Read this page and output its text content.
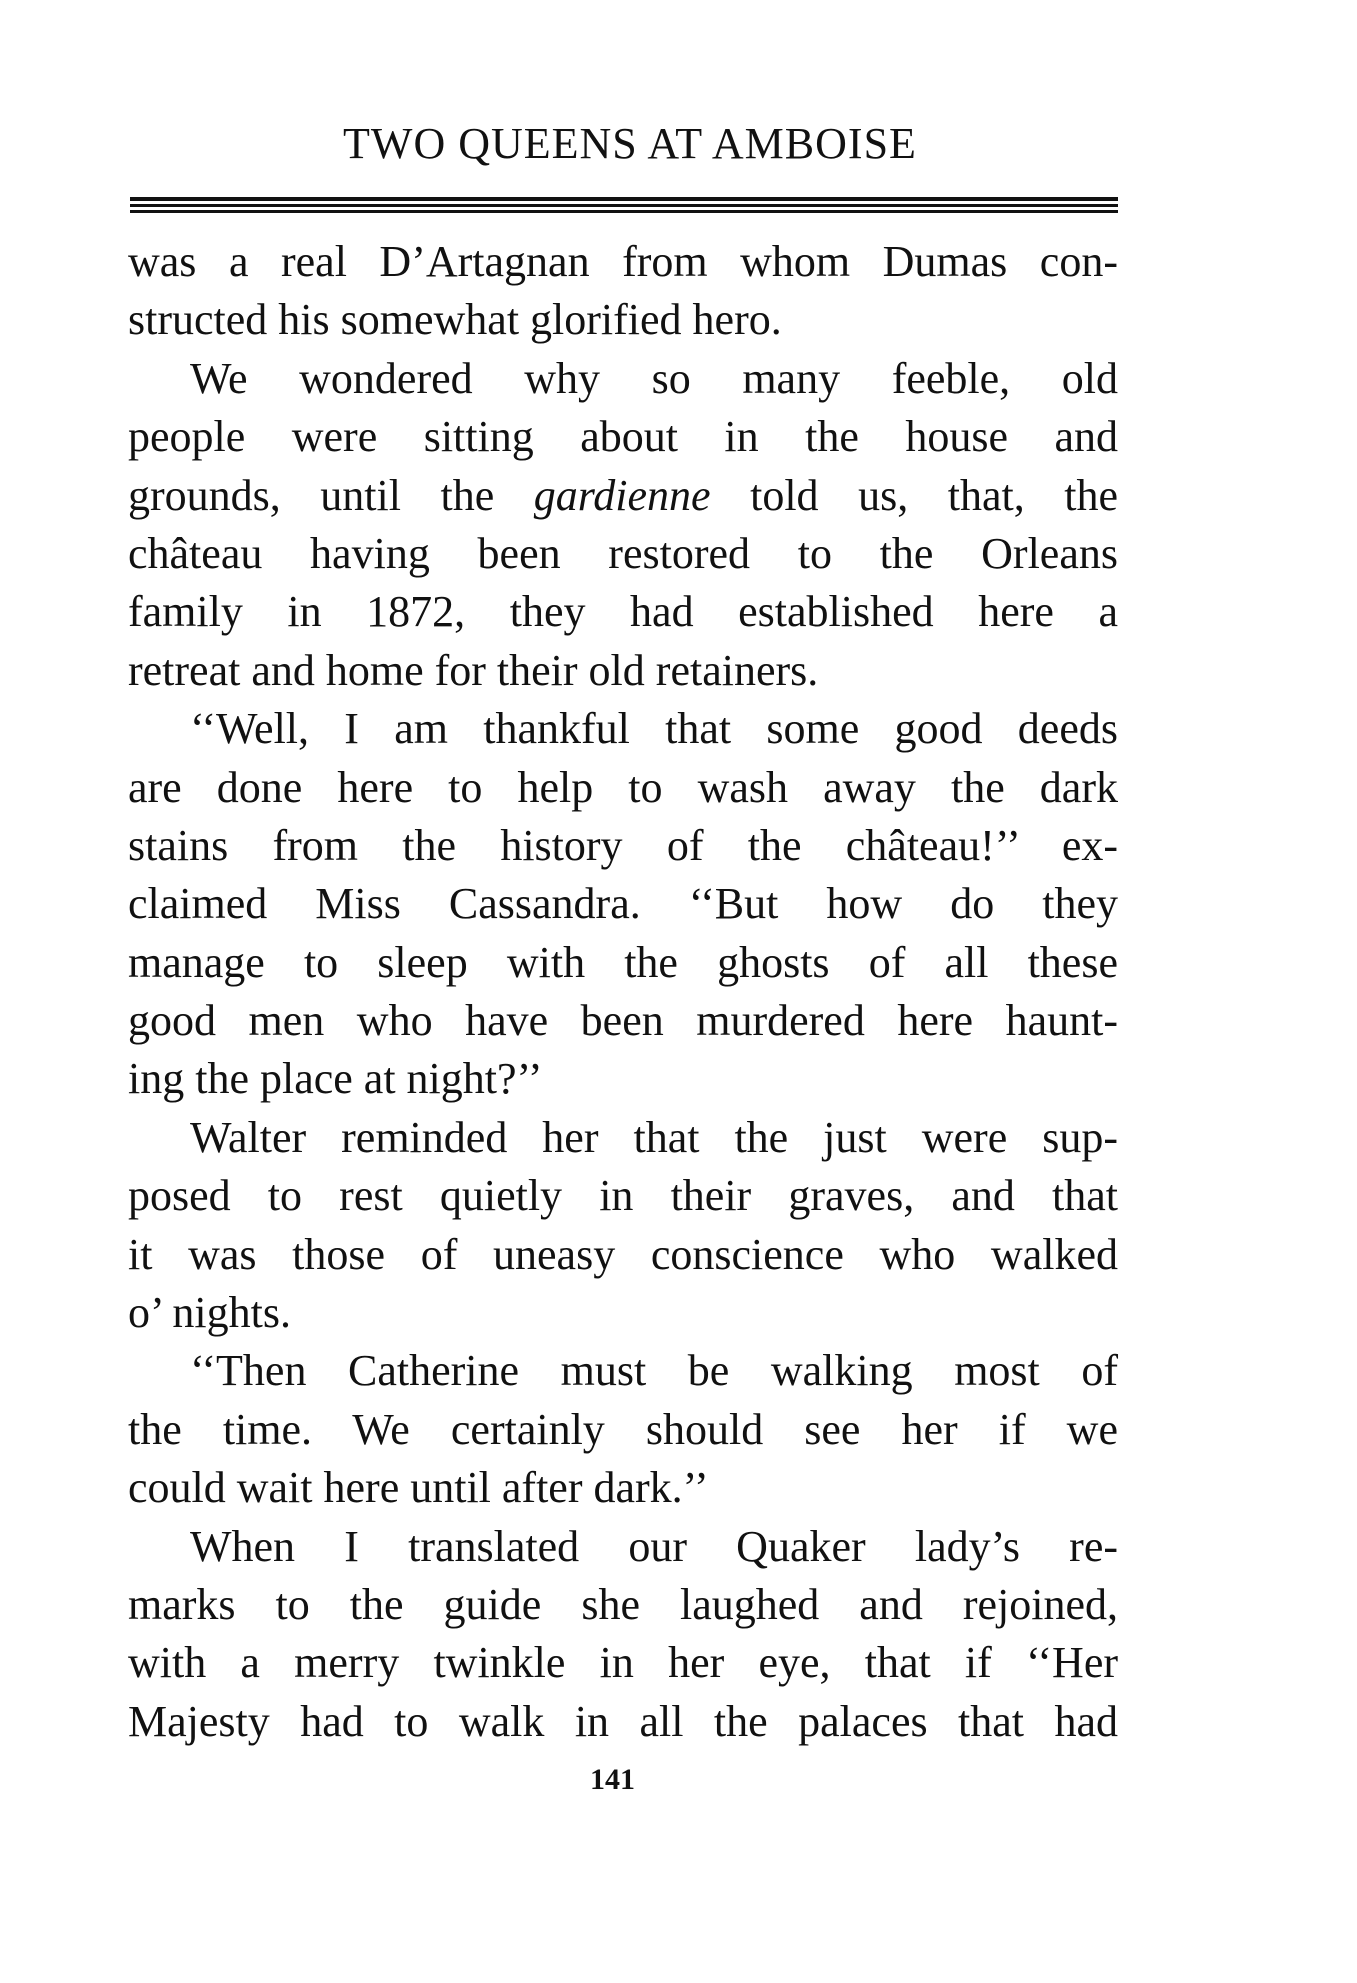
TWO QUEENS AT AMBOISE
was a real D’Artagnan from whom Dumas con-
structed his somewhat glorified hero.
We wondered why so many feeble, old
people were sitting about in the house and
grounds, until the gardienne told us, that, the
château having been restored to the Orleans
family in 1872, they had established here a
retreat and home for their old retainers.
‘‘Well, I am thankful that some good deeds
are done here to help to wash away the dark
stains from the history of the château!’’ ex-
claimed Miss Cassandra. ‘‘But how do they
manage to sleep with the ghosts of all these
good men who have been murdered here haunt-
ing the place at night?’’
Walter reminded her that the just were sup-
posed to rest quietly in their graves, and that
it was those of uneasy conscience who walked
o’ nights.
‘‘Then Catherine must be walking most of
the time. We certainly should see her if we
could wait here until after dark.’’
When I translated our Quaker lady’s re-
marks to the guide she laughed and rejoined,
with a merry twinkle in her eye, that if ‘‘Her
Majesty had to walk in all the palaces that had
141
